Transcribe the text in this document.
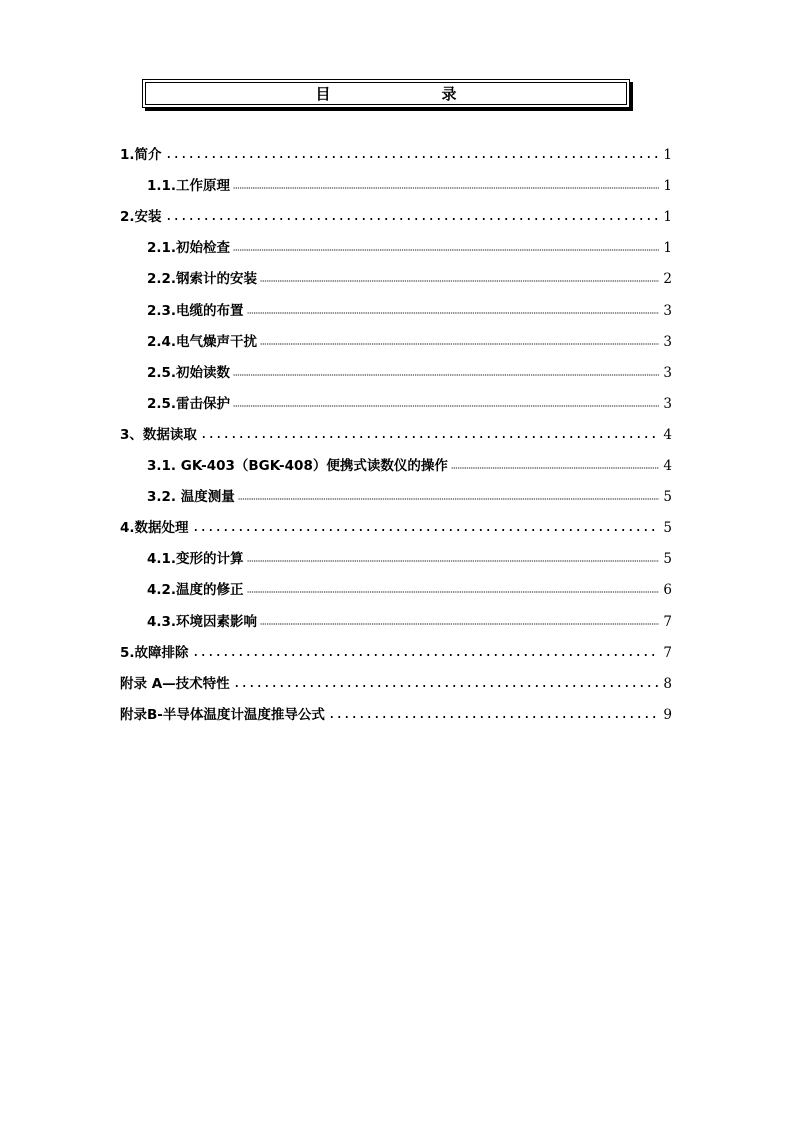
目　录
1.简介	1
1.1.工作原理	1
2.安装	1
2.1.初始检查	1
2.2.钢索计的安装	2
2.3.电缆的布置	3
2.4.电气燥声干扰	3
2.5.初始读数	3
2.5.雷击保护	3
3、数据读取	4
3.1. GK-403（BGK-408）便携式读数仪的操作	4
3.2. 温度测量	5
4.数据处理	5
4.1.变形的计算	5
4.2.温度的修正	6
4.3.环境因素影响	7
5.故障排除	7
附录 A—技术特性	8
附录B-半导体温度计温度推导公式	9
